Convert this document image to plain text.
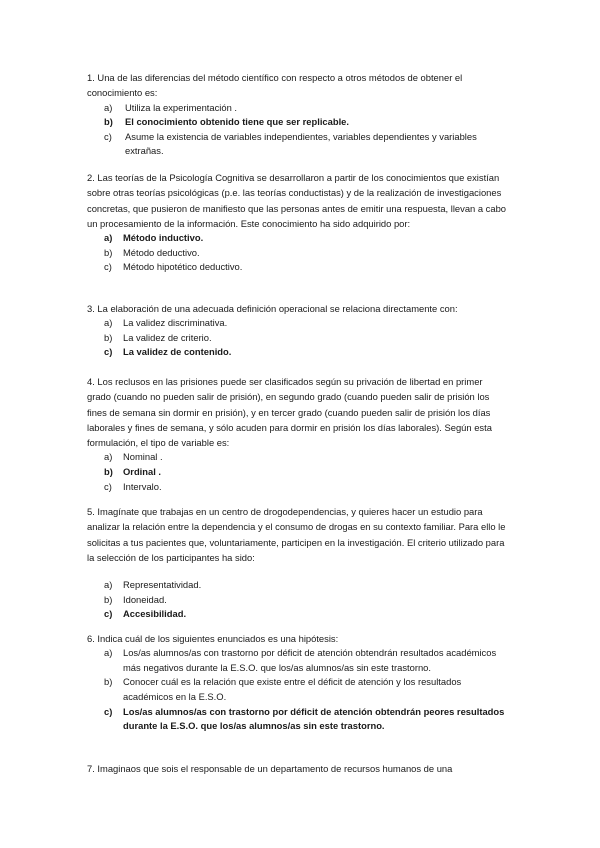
1. Una de las diferencias del método científico con respecto a otros métodos de obtener el conocimiento es:

a)	Utiliza la experimentación .
b)	El conocimiento obtenido tiene que ser replicable.
c)	Asume la existencia de variables independientes, variables dependientes y variables extrañas.

2. Las teorías de la Psicología Cognitiva se desarrollaron a partir de los conocimientos que existían sobre otras teorías psicológicas (p.e. las teorías conductistas) y de la realización de investigaciones concretas, que pusieron de manifiesto que las personas antes de emitir una respuesta, llevan a cabo un procesamiento de la información. Este conocimiento ha sido adquirido por:

a)	Método inductivo.
b)	Método deductivo.
c)	Método hipotético deductivo.

3. La elaboración de una adecuada definición operacional se relaciona directamente con:

a)	La validez discriminativa.
b)	La validez de criterio.
c)	La validez de contenido.

4. Los reclusos en las prisiones puede ser clasificados según su privación de libertad en primer grado (cuando no pueden salir de prisión), en segundo grado (cuando pueden salir de prisión los fines de semana sin dormir en prisión), y en tercer grado (cuando pueden salir de prisión los días laborales y fines de semana, y sólo acuden para dormir en prisión los días laborales). Según esta formulación, el tipo de variable es:

a)	Nominal .
b)	Ordinal .
c)	Intervalo.

5. Imagínate que trabajas en un centro de drogodependencias, y quieres hacer un estudio para analizar la relación entre la dependencia y el consumo de drogas en su contexto familiar. Para ello le solicitas a tus pacientes que, voluntariamente, participen en la investigación. El criterio utilizado para la selección de los participantes ha sido:

a)	Representatividad.
b)	Idoneidad.
c)	Accesibilidad.

6. Indica cuál de los siguientes enunciados es una hipótesis:

a)	Los/as alumnos/as con trastorno por déficit de atención obtendrán resultados académicos más negativos durante la E.S.O. que los/as alumnos/as sin este trastorno.
b)	Conocer cuál es la relación que existe entre el déficit de atención y los resultados académicos en la E.S.O.
c)	Los/as alumnos/as con trastorno por déficit de atención obtendrán peores resultados durante la E.S.O. que los/as alumnos/as sin este trastorno.

7. Imaginaos que sois el responsable de un departamento de recursos humanos de una
